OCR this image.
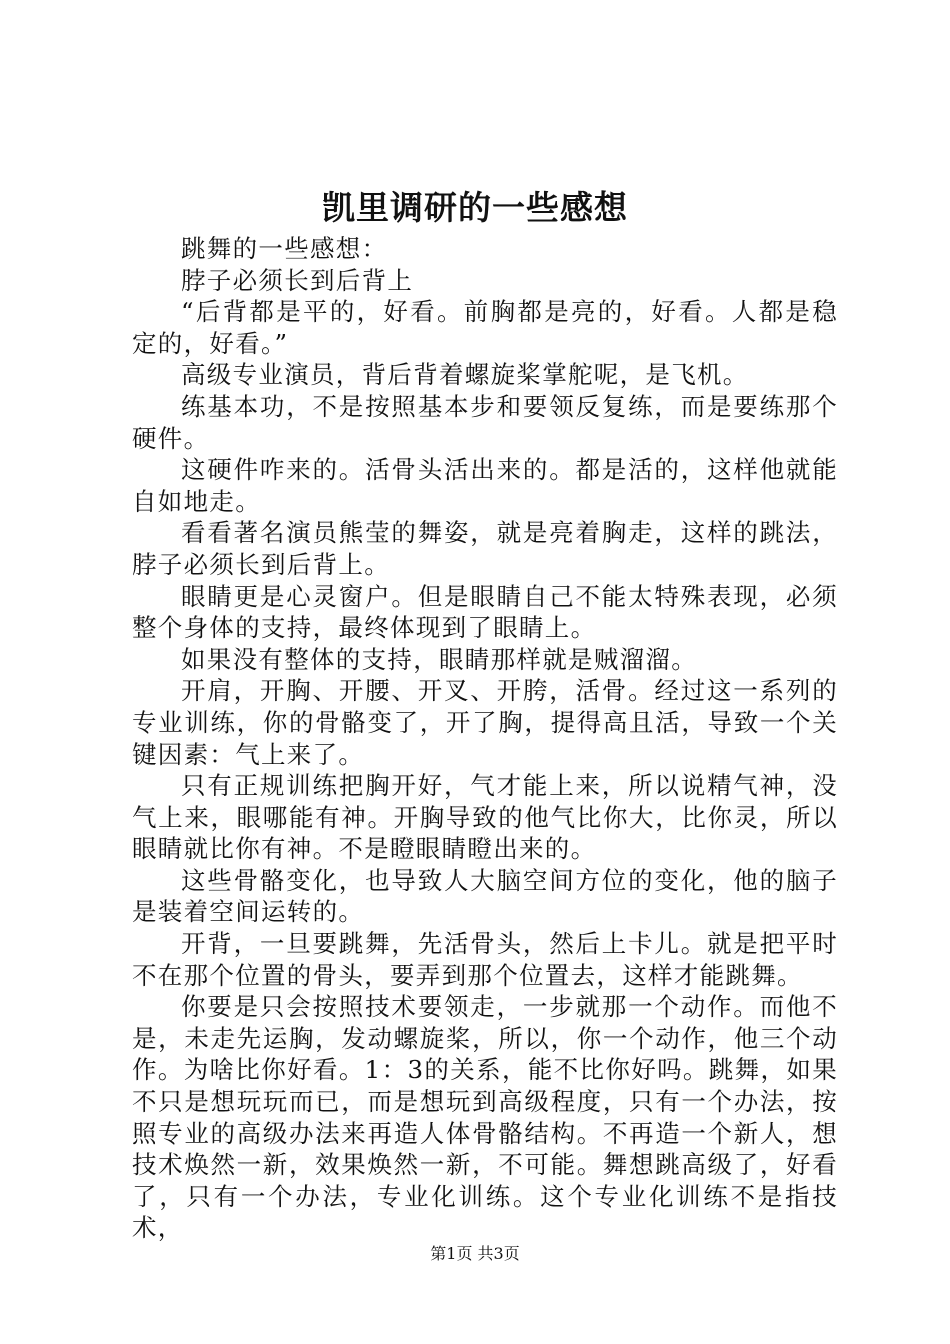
凯里调研的一些感想

跳舞的一些感想：

脖子必须长到后背上

“后背都是平的，好看。前胸都是亮的，好看。人都是稳定的，好看。”

高级专业演员，背后背着螺旋桨掌舵呢，是飞机。

练基本功，不是按照基本步和要领反复练，而是要练那个硬件。

这硬件咋来的。活骨头活出来的。都是活的，这样他就能自如地走。

看看著名演员熊莹的舞姿，就是亮着胸走，这样的跳法，脖子必须长到后背上。

眼睛更是心灵窗户。但是眼睛自己不能太特殊表现，必须整个身体的支持，最终体现到了眼睛上。

如果没有整体的支持，眼睛那样就是贼溜溜。

开肩，开胸、开腰、开叉、开胯，活骨。经过这一系列的专业训练，你的骨骼变了，开了胸，提得高且活，导致一个关键因素：气上来了。

只有正规训练把胸开好，气才能上来，所以说精气神，没气上来，眼哪能有神。开胸导致的他气比你大，比你灵，所以眼睛就比你有神。不是瞪眼睛瞪出来的。

这些骨骼变化，也导致人大脑空间方位的变化，他的脑子是装着空间运转的。

开背，一旦要跳舞，先活骨头，然后上卡儿。就是把平时不在那个位置的骨头，要弄到那个位置去，这样才能跳舞。

你要是只会按照技术要领走，一步就那一个动作。而他不是，未走先运胸，发动螺旋桨，所以，你一个动作，他三个动作。为啥比你好看。1：3的关系，能不比你好吗。跳舞，如果不只是想玩玩而已，而是想玩到高级程度，只有一个办法，按照专业的高级办法来再造人体骨骼结构。不再造一个新人，想技术焕然一新，效果焕然一新，不可能。舞想跳高级了，好看了，只有一个办法，专业化训练。这个专业化训练不是指技术，

第1页 共3页
